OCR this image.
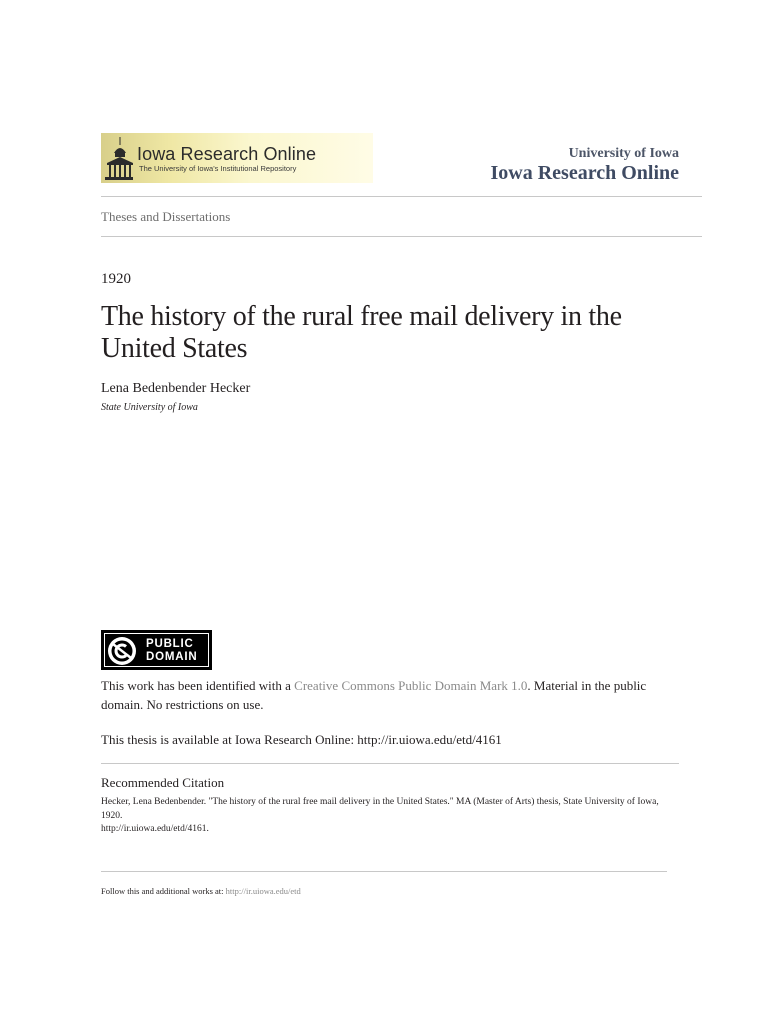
Iowa Research Online
The University of Iowa's Institutional Repository
University of Iowa
Iowa Research Online
Theses and Dissertations
1920
The history of the rural free mail delivery in the United States
Lena Bedenbender Hecker
State University of Iowa
PUBLIC
DOMAIN
This work has been identified with a Creative Commons Public Domain Mark 1.0. Material in the public domain. No restrictions on use.
This thesis is available at Iowa Research Online: http://ir.uiowa.edu/etd/4161
Recommended Citation
Hecker, Lena Bedenbender. "The history of the rural free mail delivery in the United States." MA (Master of Arts) thesis, State University of Iowa, 1920.
http://ir.uiowa.edu/etd/4161.
Follow this and additional works at: http://ir.uiowa.edu/etd
